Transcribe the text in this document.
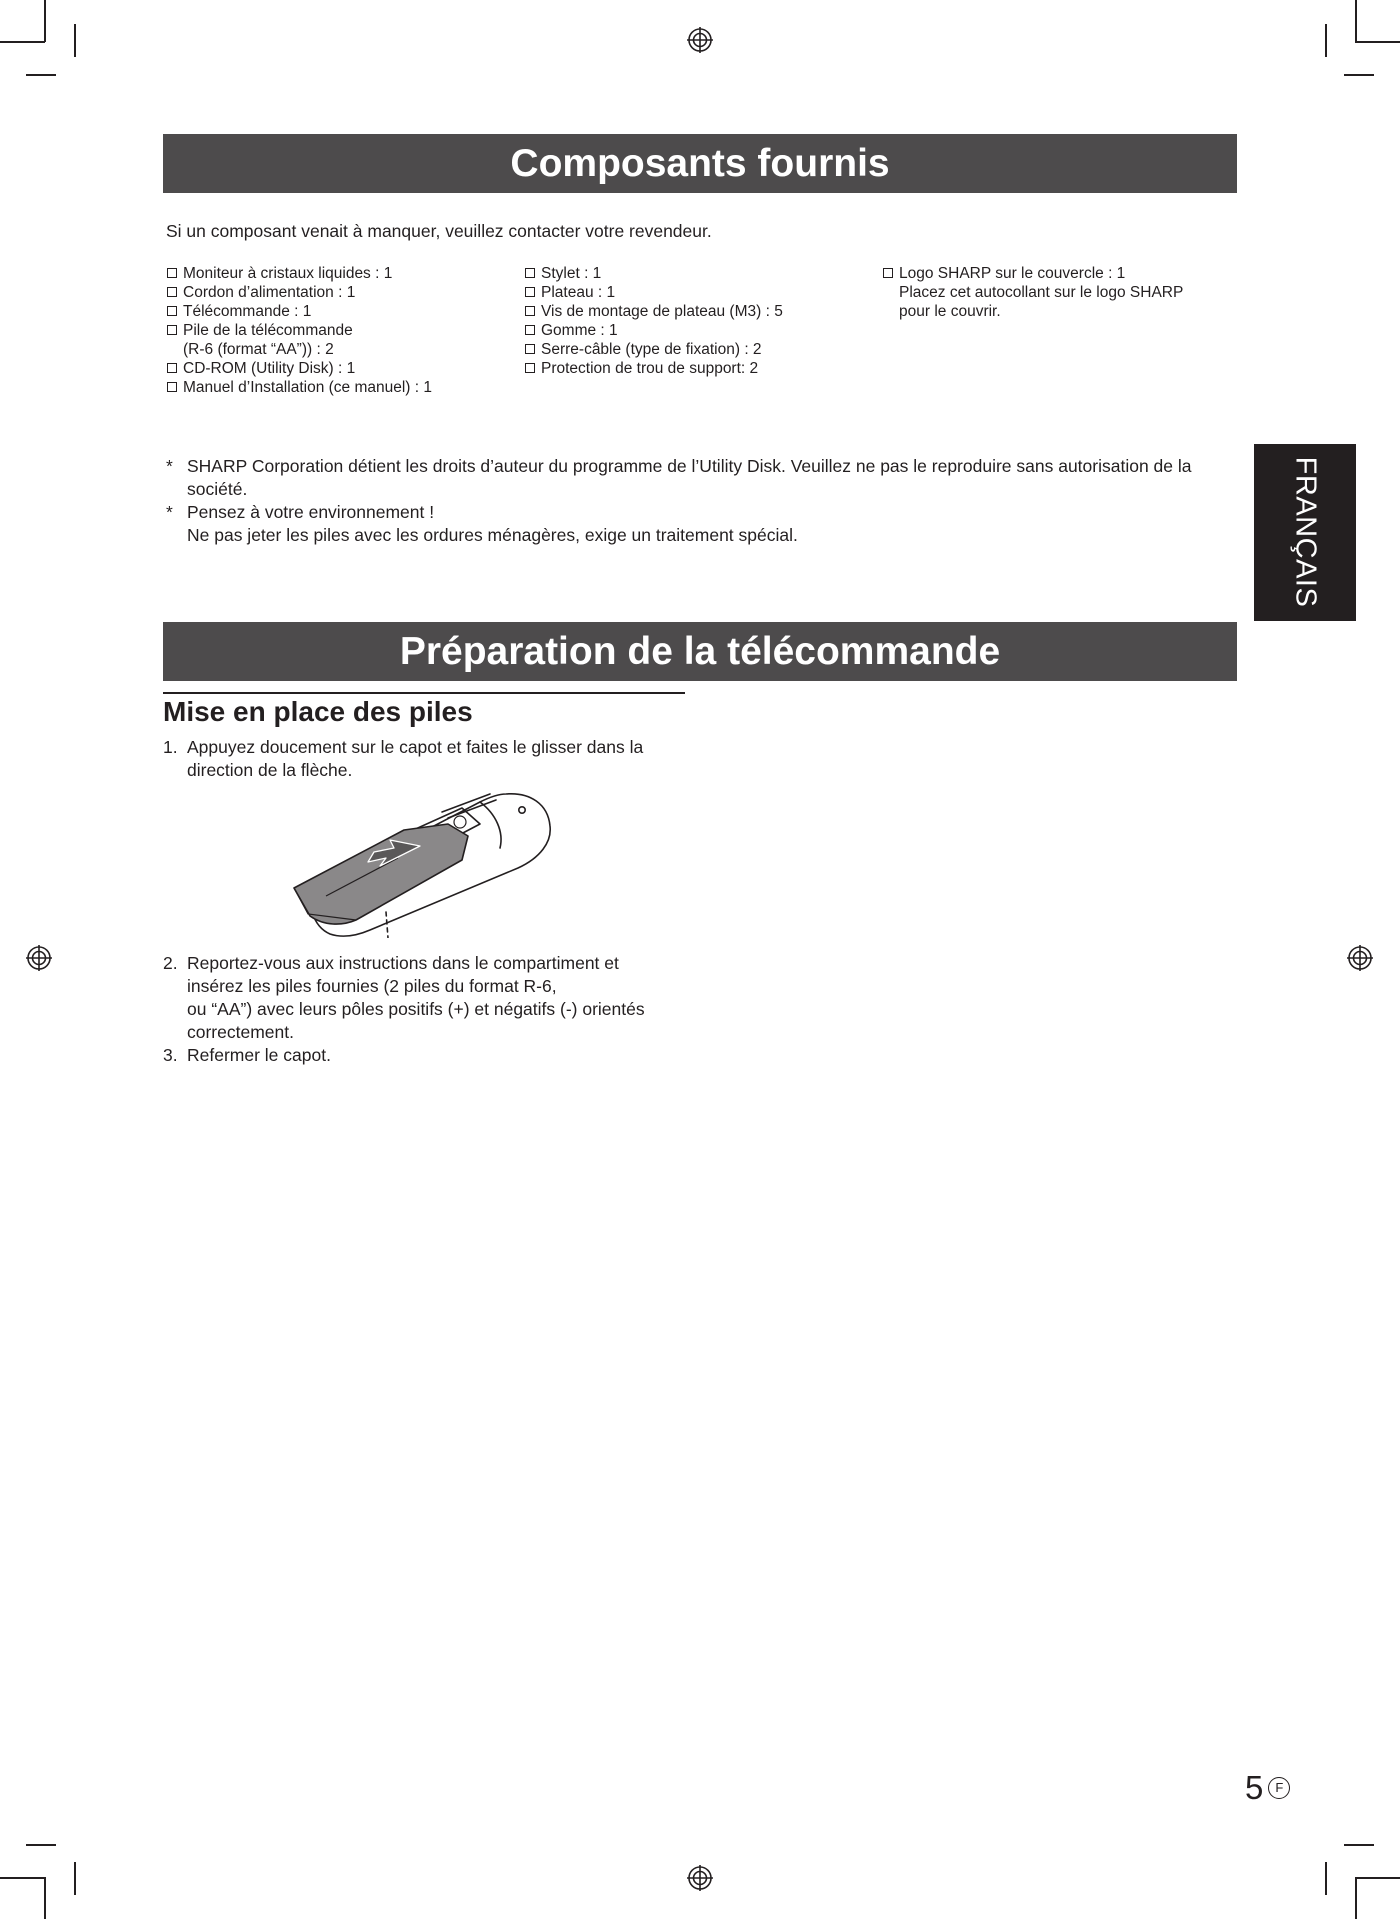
Composants fournis
Si un composant venait à manquer, veuillez contacter votre revendeur.
Moniteur à cristaux liquides : 1
Cordon d’alimentation : 1
Télécommande : 1
Pile de la télécommande
(R-6 (format “AA”)) : 2
CD-ROM (Utility Disk) : 1
Manuel d’Installation (ce manuel) : 1
Stylet : 1
Plateau : 1
Vis de montage de plateau (M3) : 5
Gomme : 1
Serre-câble (type de fixation) : 2
Protection de trou de support: 2
Logo SHARP sur le couvercle : 1
Placez cet autocollant sur le logo SHARP
pour le couvrir.
* SHARP Corporation détient les droits d’auteur du programme de l’Utility Disk. Veuillez ne pas le reproduire sans autorisation de la société.
* Pensez à votre environnement !
Ne pas jeter les piles avec les ordures ménagères, exige un traitement spécial.	FRANÇAIS
Préparation de la télécommande
Mise en place des piles
1. Appuyez doucement sur le capot et faites le glisser dans la
direction de la flèche.
2. Reportez-vous aux instructions dans le compartiment et
insérez les piles fournies (2 piles du format R-6,
ou “AA”) avec leurs pôles positifs (+) et négatifs (-) orientés
correctement.
3. Refermer le capot.
5 F
